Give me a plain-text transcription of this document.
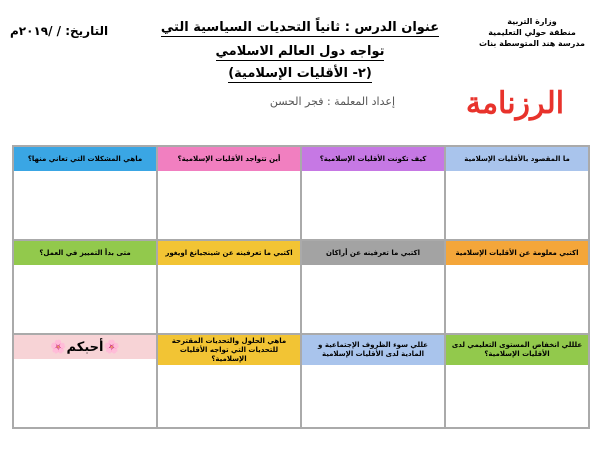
وزارة التربية
منطقة حولي التعليمية
مدرسة هند المتوسطة بنات
التاريخ: / /٢٠١٩م	عنوان الدرس : ثانياً التحديات السياسية التي
تواجه دول العالم الاسلامي
(٢- الأقليات الإسلامية)
الرزنامة
إعداد المعلمة : فجر الحسن
ما المقصود بالأقليات الإسلامية
كيف تكونت الأقليات الإسلامية؟
أين تتواجد الأقليات الإسلامية؟
ماهي المشكلات التي تعاني منها؟
اكتبي معلومة عن الأقليات الإسلامية
اكتبي ما تعرفينه عن أراكان
اكتبي ما تعرفينه عن شينجيانغ اويغور
متى بدأ التمييز في العمل؟
علللي انخفاض المستوى التعليمي لدى الأقليات الإسلامية؟
عللي سوء الظروف الإجتماعية و المادية لدى الأقليات الإسلامية
ماهي الحلول والتحديات المقترحة للتحديات التي تواجه الأقليات الإسلامية؟
🌸أحبكم🌸
